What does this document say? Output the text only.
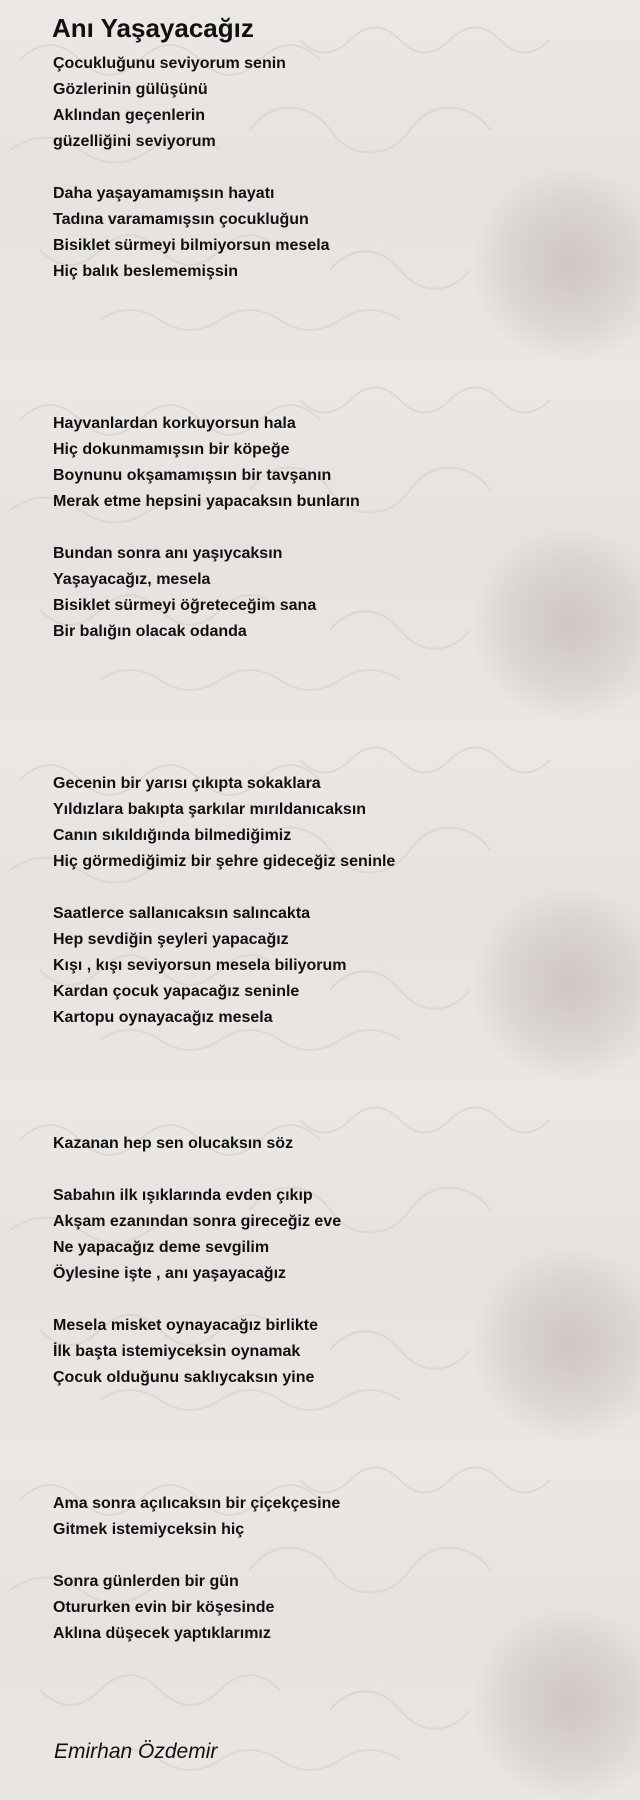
Anı Yaşayacağız

Çocukluğunu seviyorum senin

Gözlerinin gülüşünü

Aklından geçenlerin

güzelliğini seviyorum

Daha yaşayamamışsın hayatı

Tadına varamamışsın çocukluğun

Bisiklet sürmeyi bilmiyorsun mesela

Hiç balık beslememişsin

Hayvanlardan korkuyorsun hala

Hiç dokunmamışsın bir köpeğe

Boynunu okşamamışsın bir tavşanın

Merak etme hepsini yapacaksın bunların

Bundan sonra anı yaşıycaksın

Yaşayacağız, mesela

Bisiklet sürmeyi öğreteceğim sana

Bir balığın olacak odanda

Gecenin bir yarısı çıkıpta sokaklara

Yıldızlara bakıpta şarkılar mırıldanıcaksın

Canın sıkıldığında bilmediğimiz

Hiç görmediğimiz bir şehre gideceğiz seninle

Saatlerce sallanıcaksın salıncakta

Hep sevdiğin şeyleri yapacağız

Kışı , kışı seviyorsun mesela biliyorum

Kardan çocuk yapacağız seninle

Kartopu oynayacağız mesela

Kazanan hep sen olucaksın söz

Sabahın ilk ışıklarında evden çıkıp

Akşam ezanından sonra gireceğiz eve

Ne yapacağız deme sevgilim

Öylesine işte , anı yaşayacağız

Mesela misket oynayacağız birlikte

İlk başta istemiyceksin oynamak

Çocuk olduğunu saklıycaksın yine

Ama sonra açılıcaksın bir çiçekçesine

Gitmek istemiyceksin hiç

Sonra günlerden bir gün

Otururken evin bir köşesinde

Aklına düşecek yaptıklarımız

Emirhan Özdemir
